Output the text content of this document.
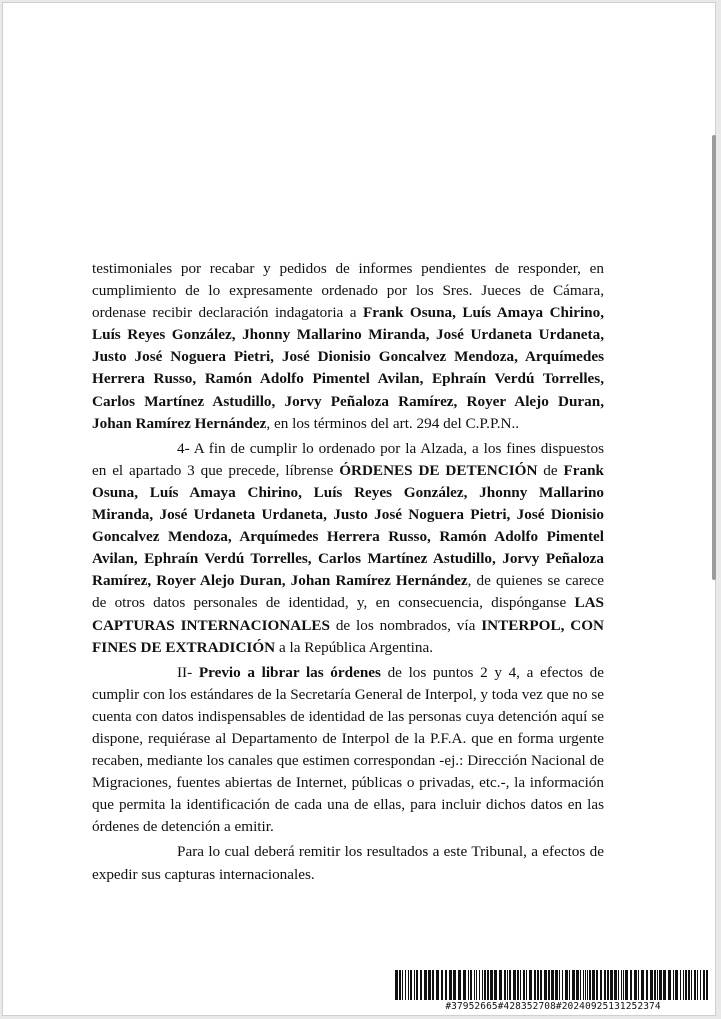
testimoniales por recabar y pedidos de informes pendientes de responder, en cumplimiento de lo expresamente ordenado por los Sres. Jueces de Cámara, ordenase recibir declaración indagatoria a Frank Osuna, Luís Amaya Chirino, Luís Reyes González, Jhonny Mallarino Miranda, José Urdaneta Urdaneta, Justo José Noguera Pietri, José Dionisio Goncalvez Mendoza, Arquímedes Herrera Russo, Ramón Adolfo Pimentel Avilan, Ephraín Verdú Torrelles, Carlos Martínez Astudillo, Jorvy Peñaloza Ramírez, Royer Alejo Duran, Johan Ramírez Hernández, en los términos del art. 294 del C.P.P.N..

4- A fin de cumplir lo ordenado por la Alzada, a los fines dispuestos en el apartado 3 que precede, líbrense ÓRDENES DE DETENCIÓN de Frank Osuna, Luís Amaya Chirino, Luís Reyes González, Jhonny Mallarino Miranda, José Urdaneta Urdaneta, Justo José Noguera Pietri, José Dionisio Goncalvez Mendoza, Arquímedes Herrera Russo, Ramón Adolfo Pimentel Avilan, Ephraín Verdú Torrelles, Carlos Martínez Astudillo, Jorvy Peñaloza Ramírez, Royer Alejo Duran, Johan Ramírez Hernández, de quienes se carece de otros datos personales de identidad, y, en consecuencia, dispónganse LAS CAPTURAS INTERNACIONALES de los nombrados, vía INTERPOL, CON FINES DE EXTRADICIÓN a la República Argentina.

II- Previo a librar las órdenes de los puntos 2 y 4, a efectos de cumplir con los estándares de la Secretaría General de Interpol, y toda vez que no se cuenta con datos indispensables de identidad de las personas cuya detención aquí se dispone, requiérase al Departamento de Interpol de la P.F.A. que en forma urgente recaben, mediante los canales que estimen correspondan -ej.: Dirección Nacional de Migraciones, fuentes abiertas de Internet, públicas o privadas, etc.-, la información que permita la identificación de cada una de ellas, para incluir dichos datos en las órdenes de detención a emitir.

Para lo cual deberá remitir los resultados a este Tribunal, a efectos de expedir sus capturas internacionales.

#37952665#428352708#20240925131252374
